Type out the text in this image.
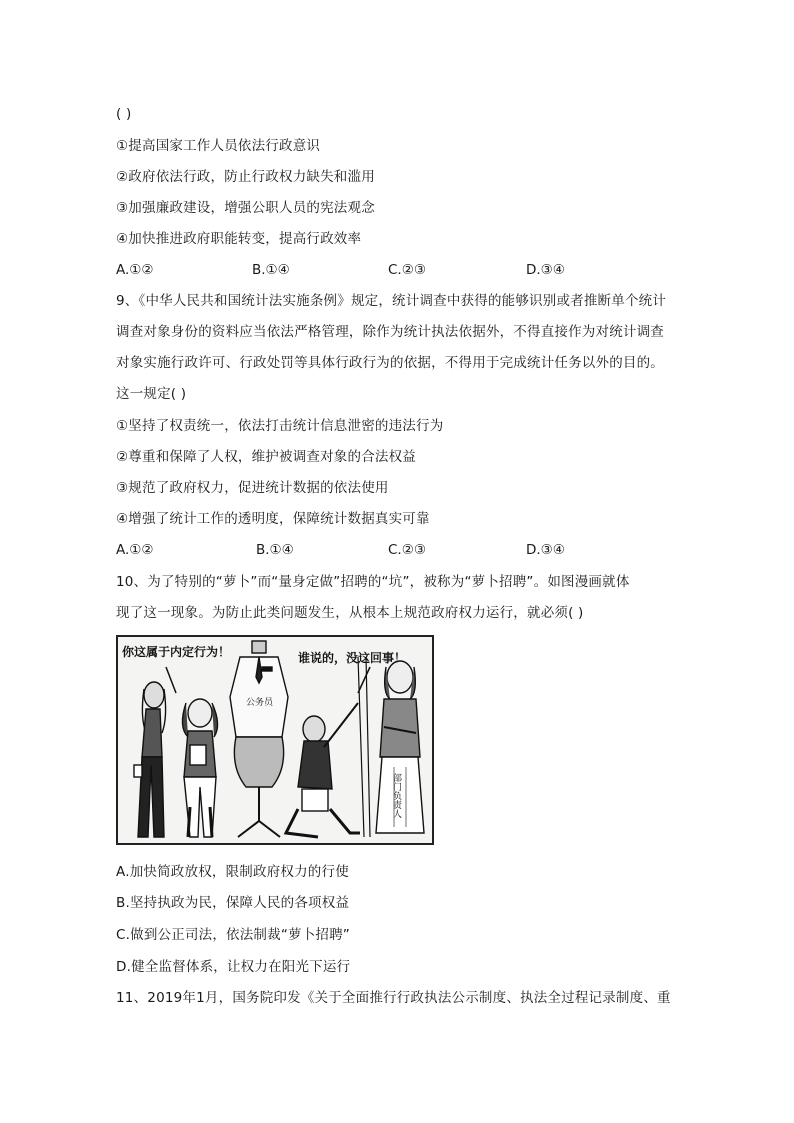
( )
①提高国家工作人员依法行政意识
②政府依法行政，防止行政权力缺失和滥用
③加强廉政建设，增强公职人员的宪法观念
④加快推进政府职能转变，提高行政效率
A.①②	B.①④	C.②③	D.③④
9、《中华人民共和国统计法实施条例》规定，统计调查中获得的能够识别或者推断单个统计
调查对象身份的资料应当依法严格管理，除作为统计执法依据外，不得直接作为对统计调查
对象实施行政许可、行政处罚等具体行政行为的依据，不得用于完成统计任务以外的目的。
这一规定( )
①坚持了权责统一，依法打击统计信息泄密的违法行为
②尊重和保障了人权，维护被调查对象的合法权益
③规范了政府权力，促进统计数据的依法使用
④增强了统计工作的透明度，保障统计数据真实可靠
A.①②	B.①④	C.②③	D.③④
10、为了特别的“萝卜”而“量身定做”招聘的“坑”，被称为“萝卜招聘”。如图漫画就体
现了这一现象。为防止此类问题发生，从根本上规范政府权力运行，就必须( )
你这属于内定行为！	谁说的，没这回事！
公务员
部门负责人
A.加快简政放权，限制政府权力的行使
B.坚持执政为民，保障人民的各项权益
C.做到公正司法，依法制裁“萝卜招聘”
D.健全监督体系，让权力在阳光下运行
11、2019年1月，国务院印发《关于全面推行行政执法公示制度、执法全过程记录制度、重
